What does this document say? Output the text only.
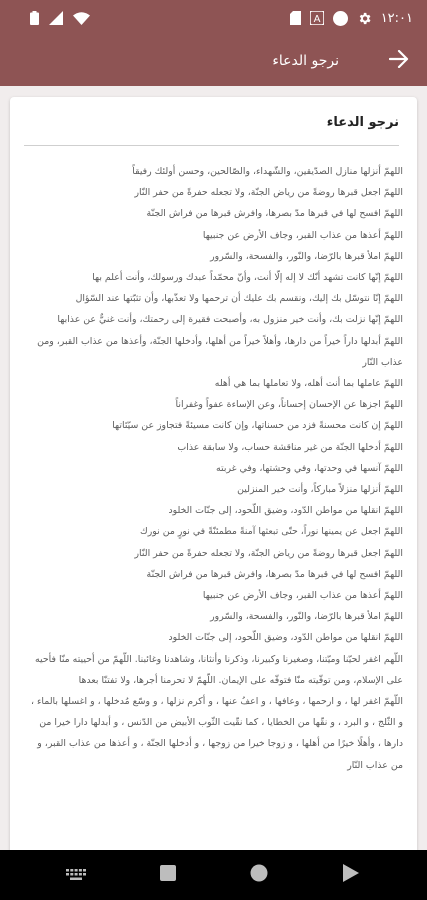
A	١٢:٠١
نرجو الدعاء
نرجو الدعاء

اللهمّ أنزلها منازل الصدّيقين، والشّهداء، والصّالحين، وحسن أولئك رفيقاً

اللهمّ اجعل قبرها روضةً من رياض الجنّة، ولا تجعله حفرةً من حفر النّار

اللهمّ افسح لها في قبرها مدّ بصرها، وافرش قبرها من فراش الجنّة

اللهمّ أعذها من عذاب القبر، وجاف الأرض عن جنبيها

اللهمّ املأ قبرها بالرّضا، والنّور، والفسحة، والسّرور

اللهمّ إنّها كانت تشهد أنّك لا إله إلّا أنت، وأنّ محمّداً عبدك ورسولك، وأنت أعلم بها

اللهمّ إنّا نتوسّل بك إليك، ونقسم بك عليك أن ترحمها ولا تعذّبها، وأن تثبّتها عند السّؤال

اللهمّ إنّها نزلت بك، وأنت خير منزول به، وأصبحت فقيرة إلى رحمتك، وأنت غنيٌّ عن عذابها

اللهمّ أبدلها داراً خيراً من دارها، وأهلاً خيراً من أهلها، وأدخلها الجنّة، وأعذها من عذاب القبر، ومن عذاب النّار

اللهمّ عاملها بما أنت أهله، ولا تعاملها بما هي أهله

اللهمّ اجزها عن الإحسان إحساناً، وعن الإساءة عفواً وغفراناً

اللهمّ إن كانت محسنةً فزد من حسناتها، وإن كانت مسيئةً فتجاوز عن سيّئاتها

اللهمّ أدخلها الجنّة من غير مناقشة حساب، ولا سابقة عذاب

اللهمّ آنسها في وحدتها، وفي وحشتها، وفي غربته

اللهمّ أنزلها منزلاً مباركاً، وأنت خير المنزلين

اللهمّ انقلها من مواطن الدّود، وضيق اللّحود، إلى جنّات الخلود

اللهمّ اجعل عن يمينها نوراً، حتّى تبعثها آمنةً مطمئنّةً في نورٍ من نورك

اللهمّ اجعل قبرها روضةً من رياض الجنّة، ولا تجعله حفرةً من حفر النّار

اللهمّ افسح لها في قبرها مدّ بصرها، وافرش قبرها من فراش الجنّة

اللهمّ أعذها من عذاب القبر، وجاف الأرض عن جنبيها

اللهمّ املأ قبرها بالرّضا، والنّور، والفسحة، والسّرور

اللهمّ انقلها من مواطن الدّود، وضيق اللّحود، إلى جنّات الخلود

اللّهم اغفر لحيّنا وميّتنا، وصغيرنا وكبيرنا، وذكرنا وأنثانا، وشاهدنا وغائبنا. اللّهمّ من أحييته منّا فأحيه على الإسلام، ومن توفّيته منّا فتوفّه على الإيمان. اللّهمّ لا تحرمنا أجرها، ولا تفتنّا بعدها

اللّهمّ اغفر لها ، و ارحمها ، وعافها ، و اعفُ عنها ، و أكرم نزلها ، و وسّع مُدخلها ، و اغسلها بالماء ، و الثّلج ، و البرد ، و نقّها من الخطايا ، كما نقّيت الثّوب الأبيض من الدّنس ، و أبدلها دارا خيرا من دارها ، وأهلًا خيرًا من أهلها ، و زوجا خيرا من زوجها ، و أدخلها الجنّة ، و أعذها من عذاب القبر، و من عذاب النّار
